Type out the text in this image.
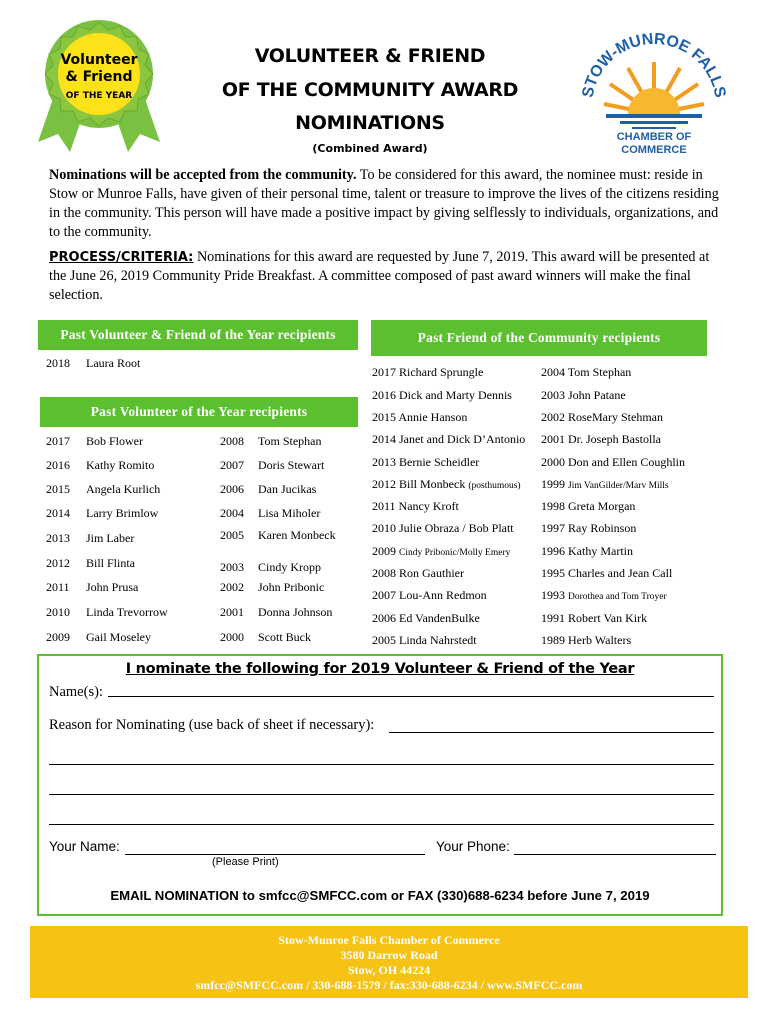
Volunteer
& Friend
OF THE YEAR	STOW-MUNROE FALLS
CHAMBER OF
COMMERCE
VOLUNTEER & FRIEND
OF THE COMMUNITY AWARD
NOMINATIONS
(Combined Award)
Nominations will be accepted from the community. To be considered for this award, the nominee must: reside in Stow or Munroe Falls, have given of their personal time, talent or treasure to improve the lives of the citizens residing in the community. This person will have made a positive impact by giving selflessly to individuals, organizations, and to the community.
PROCESS/CRITERIA: Nominations for this award are requested by June 7, 2019. This award will be presented at the June 26, 2019 Community Pride Breakfast. A committee composed of past award winners will make the final selection.
Past Volunteer & Friend of the Year recipients	Past Friend of the Community recipients
Past Volunteer of the Year recipients
2018 Laura Root
2017 Bob Flower	2008 Tom Stephan
2016 Kathy Romito	2007 Doris Stewart
2015 Angela Kurlich	2006 Dan Jucikas
2014 Larry Brimlow	2004 Lisa Miholer
2013 Jim Laber	2005 Karen Monbeck
2012 Bill Flinta	2003 Cindy Kropp
2011 John Prusa	2002 John Pribonic
2010 Linda Trevorrow	2001 Donna Johnson
2009 Gail Moseley	2000 Scott Buck
2017 Richard Sprungle	2004 Tom Stephan
2016 Dick and Marty Dennis 2003 John Patane
2015 Annie Hanson	2002 RoseMary Stehman
2014 Janet and Dick D’Antonio 2001 Dr. Joseph Bastolla
2013 Bernie Scheidler	2000 Don and Ellen Coughlin
2012 Bill Monbeck (posthumous) 1999 Jim VanGilder/Marv Mills
2011 Nancy Kroft	1998 Greta Morgan
2010 Julie Obraza / Bob Platt 1997 Ray Robinson
2009 Cindy Pribonic/Molly Emery	1996 Kathy Martin
2008 Ron Gauthier	1995 Charles and Jean Call
2007 Lou-Ann Redmon	1993 Dorothea and Tom Troyer
2006 Ed VandenBulke	1991 Robert Van Kirk
2005 Linda Nahrstedt	1989 Herb Walters
I nominate the following for 2019 Volunteer & Friend of the Year
Name(s):
Reason for Nominating (use back of sheet if necessary):
Your Name:
(Please Print)
Your Phone:
EMAIL NOMINATION to smfcc@SMFCC.com or FAX (330)688-6234 before June 7, 2019
Stow-Munroe Falls Chamber of Commerce
3580 Darrow Road
Stow, OH 44224
smfcc@SMFCC.com / 330-688-1579 / fax:330-688-6234 / www.SMFCC.com
